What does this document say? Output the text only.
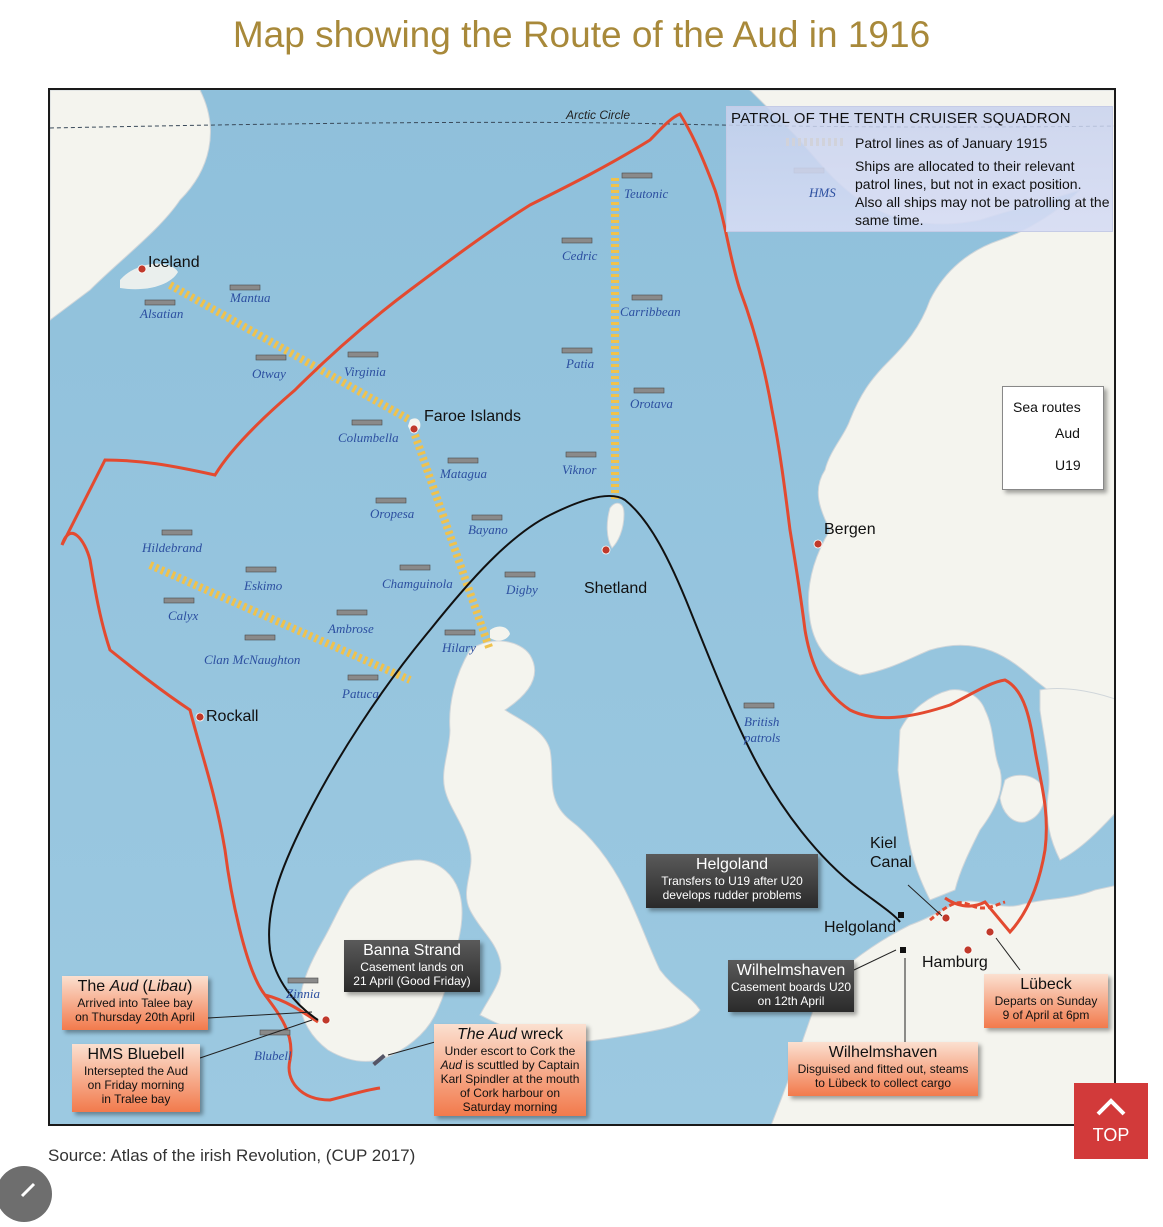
Map showing the Route of the Aud in 1916
Arctic Circle	PATROL OF THE TENTH CRUISER SQUADRON
Patrol lines as of January 1915
Ships are allocated to their relevant patrol lines, but not in exact position. Also all ships may not be patrolling at the same time.
HMS
Sea routes
Aud
U19
Iceland
Faroe Islands
Shetland
Bergen
Rockall
Kiel
Canal
Helgoland
Hamburg
Teutonic
Cedric
Carribbean
Patia
Orotava
Viknor
Mantua
Alsatian
Otway	Virginia
Columbella
Matagua
Oropesa
Bayano
Hildebrand
Eskimo	Chamguinola	Digby
Calyx
Ambrose
Clan McNaughton
Hilary
Patuca
British
patrols
Zinnia
Blubell
Helgoland
Transfers to U19 after U20
develops rudder problems
Banna Strand
Casement lands on
21 April (Good Friday)
The Aud (Libau)
Arrived into Talee bay
on Thursday 20th April
HMS Bluebell
Intersepted the Aud
on Friday morning
in Tralee bay
The Aud wreck
Under escort to Cork the
Aud is scuttled by Captain
Karl Spindler at the mouth
of Cork harbour on
Saturday morning
Wilhelmshaven
Casement boards U20
on 12th April
Wilhelmshaven
Disguised and fitted out, steams
to Lübeck to collect cargo
Lübeck
Departs on Sunday
9 of April at 6pm
Source: Atlas of the irish Revolution, (CUP 2017)
TOP
